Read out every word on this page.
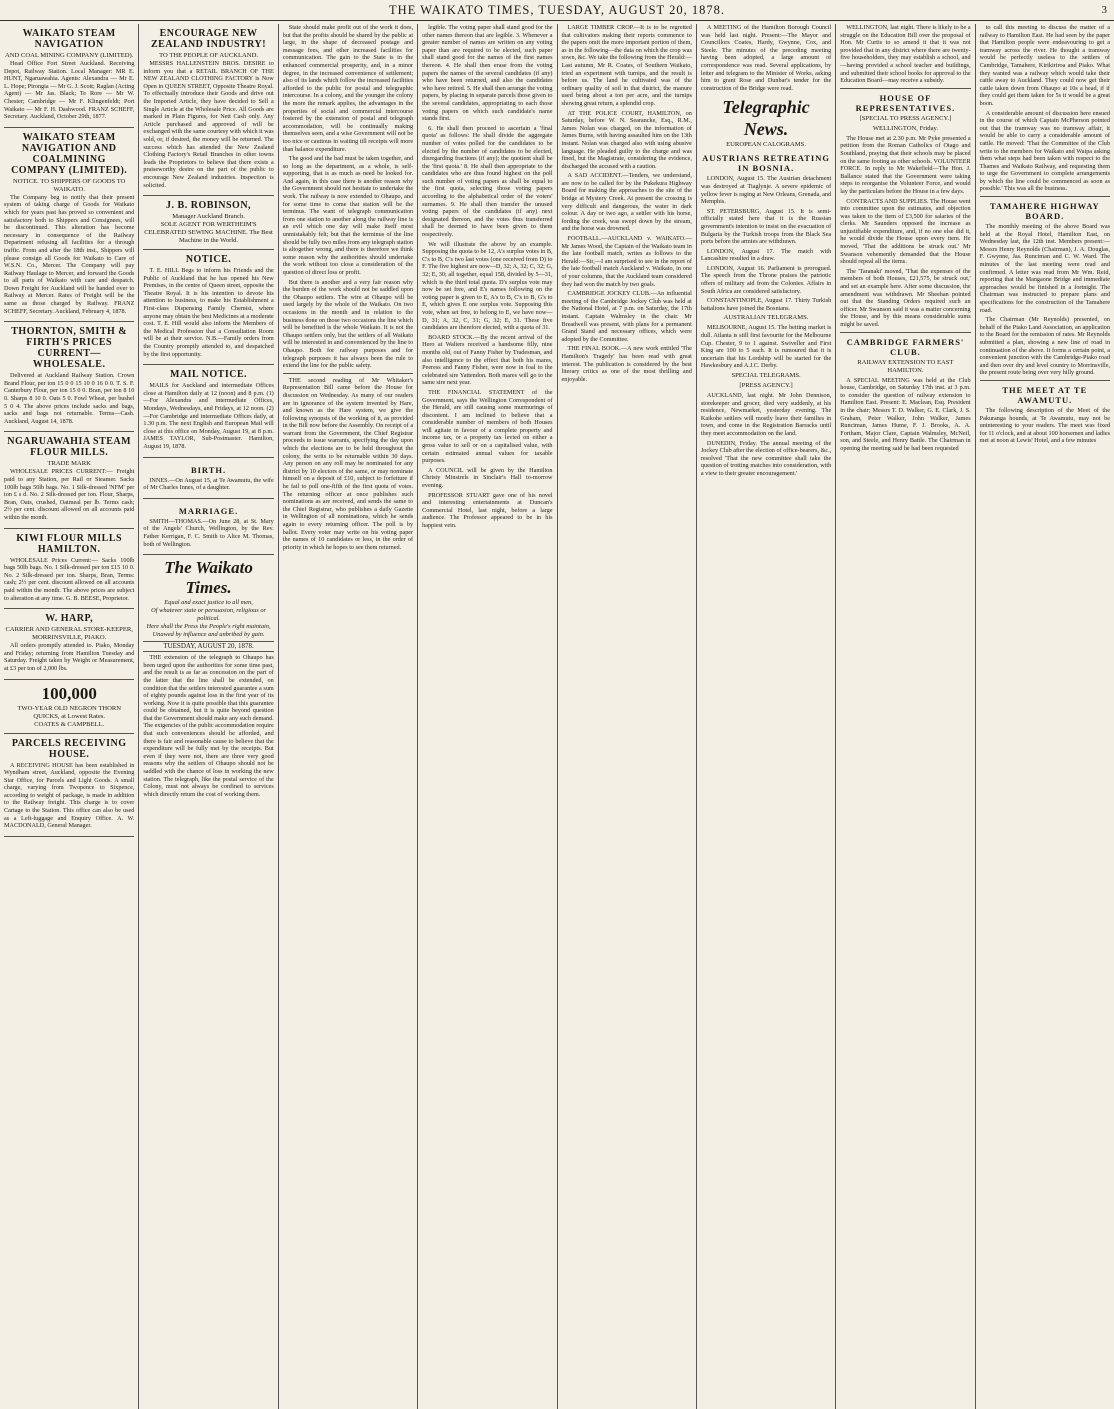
THE WAIKATO TIMES, TUESDAY, AUGUST 20, 1878.	3
WAIKATO STEAM NAVIGATION
AND COAL MINING COMPANY (LIMITED).
Head Office Fort Street Auckland. Receiving Depot, Railway Station. Local Manager: MR E. HUNT, Ngaruawahia. Agents: Alexandra — Mr E. L. Hope; Pirongia — Mr G. J. Scott; Raglan (Acting Agent) — Mr Jas. Black; Te Rore — Mr W. Chester; Cambridge — Mr F. Klingenfeldt; Port Waikato — Mr F. H. Dashwood. FRANZ SCHEFF, Secretary. Auckland, October 29th, 1877.
WAIKATO STEAM NAVIGATION AND COALMINING COMPANY (LIMITED).
NOTICE. TO SHIPPERS OF GOODS TO WAIKATO.
The Company beg to notify that their present system of taking charge of Goods for Waikato which for years past has proved so convenient and satisfactory both to Shippers and Consignees, will be discontinued. This alteration has become necessary in consequence of the Railway Department refusing all facilities for a through traffic. From and after the 18th inst., Shippers will please consign all Goods for Waikato to Care of W.S.N. Co., Mercer. The Company will pay Railway Haulage to Mercer, and forward the Goods to all parts of Waikato with care and despatch. Down Freight for Auckland will be handed over to Railway at Mercer. Rates of Freight will be the same as those charged by Railway. FRANZ SCHEFF, Secretary. Auckland, February 4, 1878.
THORNTON, SMITH & FIRTH'S PRICES CURRENT—WHOLESALE.
Delivered at Auckland Railway Station. Crown Brand Flour, per ton 15 0 0 15 10 0 16 0 0. T. S. F. Canterbury Flour, per ton 15 0 0. Bran, per ton 8 10 0. Sharps 8 10 0. Oats 5 0. Fowl Wheat, per bushel 5 0 4. The above prices include sacks and bags, sacks and bags not returnable. Terms—Cash. Auckland, August 14, 1878.
NGARUAWAHIA STEAM FLOUR MILLS.
TRADE MARK
WHOLESALE PRICES CURRENT:— Freight paid to any Station, per Rail or Steamer. Sacks 100lb bags 50lb bags. No. 1 Silk-dressed 'NFM' per ton £ s d. No. 2 Silk-dressed per ton. Flour, Sharps, Bran, Oats, crushed, Oatmeal per lb. Terms cash; 2½ per cent. discount allowed on all accounts paid within the month.
KIWI FLOUR MILLS HAMILTON.
WHOLESALE Prices Current:— Sacks 100lb bags 50lb bags. No. 1 Silk-dressed per ton £15 10 0. No. 2 Silk-dressed per ton. Sharps, Bran, Terms: cash; 2½ per cent. discount allowed on all accounts paid within the month. The above prices are subject to alteration at any time. G. B. BEESE, Proprietor.
W. HARP,
CARRIER AND GENERAL STORE-KEEPER, MORRINSVILLE, PIAKO.
All orders promptly attended to. Piako, Monday and Friday; returning from Hamilton Tuesday and Saturday. Freight taken by Weight or Measurement, at £3 per ton of 2,000 lbs.
100,000
TWO-YEAR OLD NEGRON THORN QUICKS, at Lowest Rates.
COATES & CAMPBELL.
PARCELS RECEIVING HOUSE.
A RECEIVING HOUSE has been established in Wyndham street, Auckland, opposite the Evening Star Office, for Parcels and Light Goods. A small charge, varying from Twopence to Sixpence, according to weight of package, is made in addition to the Railway freight. This charge is to cover Cartage to the Station. This office can also be used as a Left-luggage and Enquiry Office. A. W. MACDONALD, General Manager.
ENCOURAGE NEW ZEALAND INDUSTRY!
TO THE PEOPLE OF AUCKLAND.
MESSRS HALLENSTEIN BROS. DESIRE to inform you that a RETAIL BRANCH OF THE NEW ZEALAND CLOTHING FACTORY is Now Open in QUEEN STREET, Opposite Theatre Royal. To effectually introduce their Goods and drive out the Imported Article, they have decided to Sell a Single Article at the Wholesale Price. All Goods are marked in Plain Figures, for Nett Cash only. Any Article purchased and approved of will be exchanged with the same courtesy with which it was sold, or, if desired, the money will be returned. The success which has attended the New Zealand Clothing Factory's Retail Branches in other towns leads the Proprietors to believe that there exists a praiseworthy desire on the part of the public to encourage New Zealand industries. Inspection is solicited.
J. B. ROBINSON,
Manager Auckland Branch.
SOLE AGENT FOR WERTHEIM'S CELEBRATED SEWING MACHINE. The Best Machine in the World.
NOTICE.
T. E. HILL Begs to inform his Friends and the Public of Auckland that he has opened his New Premises, in the centre of Queen street, opposite the Theatre Royal. It is his intention to devote his attention to business, to make his Establishment a First-class Dispensing Family Chemist, where anyone may obtain the best Medicines at a moderate cost. T. E. Hill would also inform the Members of the Medical Profession that a Consultation Room will be at their service. N.B.—Family orders from the Country promptly attended to, and despatched by the first opportunity.
MAIL NOTICE.
MAILS for Auckland and intermediate Offices close at Hamilton daily at 12 (noon) and 8 p.m. (1)—For Alexandra and intermediate Offices, Mondays, Wednesdays, and Fridays, at 12 noon. (2)—For Cambridge and intermediate Offices daily, at 1.30 p.m. The next English and European Mail will close at this office on Monday, August 19, at 8 p.m. JAMES TAYLOR, Sub-Postmaster. Hamilton, August 19, 1878.
BIRTH.
INNES.—On August 15, at Te Awamutu, the wife of Mr Charles Innes, of a daughter.
MARRIAGE.
SMITH—THOMAS.—On June 28, at St. Mary of the Angels' Church, Wellington, by the Rev. Father Kerrigan, F. C. Smith to Alice M. Thomas, both of Wellington.
The Waikato Times.
Equal and exact justice to all men,
Of whatever state or persuasion, religious or political.
Here shall the Press the People's right maintain, Unawed by influence and unbribed by gain.
TUESDAY, AUGUST 20, 1878.
THE extension of the telegraph to Ohaupo has been urged upon the authorities for some time past, and the result is as far as concession on the part of the latter that the line shall be extended, on condition that the settlers interested guarantee a sum of eighty pounds against loss in the first year of its working. Now it is quite possible that this guarantee could be obtained, but it is quite beyond question that the Government should make any such demand. The exigencies of the public accommodation require that such conveniences should be afforded, and there is fair and reasonable cause to believe that the expenditure will be fully met by the receipts. But even if they were not, there are three very good reasons why the settlers of Ohaupo should not be saddled with the chance of loss in working the new station. The telegraph, like the postal service of the Colony, must not always be confined to services which directly return the cost of working them.
State should make profit out of the work it does, but that the profits should be shared by the public at large, in the shape of decreased postage and message fees, and other increased facilities for communication. The gain to the State is in the enhanced commercial prosperity, and, in a minor degree, in the increased convenience of settlement; also of its lands which follow the increased facilities afforded to the public for postal and telegraphic intercourse. In a colony, and the younger the colony the more the remark applies, the advantages in the properties of social and commercial intercourse fostered by the extension of postal and telegraph accommodation, will be continually making themselves seen, and a wise Government will not be too nice or cautious in waiting till receipts will more than balance expenditure.
The good and the bad must be taken together, and so long as the department, as a whole, is self-supporting, that is as much as need be looked for. And again, in this case there is another reason why the Government should not hesitate to undertake the work. The railway is now extended to Ohaupo, and for some time to come that station will be the terminus. The want of telegraph communication from one station to another along the railway line is an evil which one day will make itself most unmistakably felt; but that the terminus of the line should be fully two miles from any telegraph station is altogether wrong, and there is therefore we think some reason why the authorities should undertake the work without too close a consideration of the question of direct loss or profit.
But there is another and a very fair reason why the burden of the work should not be saddled upon the Ohaupo settlers. The wire at Ohaupo will be used largely by the whole of the Waikato. On two occasions in the month and in relation to the business done on those two occasions the line which will be benefited is the whole Waikato. It is not the Ohaupo settlers only, but the settlers of all Waikato will be interested in and convenienced by the line to Ohaupo. Both for railway purposes and for telegraph purposes it has always been the rule to extend the line for the public safety.
THE second reading of Mr Whitaker's Representation Bill came before the House for discussion on Wednesday. As many of our readers are in ignorance of the system invented by Hare, and known as the Hare system, we give the following synopsis of the working of it, as provided in the Bill now before the Assembly. On receipt of a warrant from the Government, the Chief Registrar proceeds to issue warrants, specifying the day upon which the elections are to be held throughout the colony, the writs to be returnable within 30 days. Any person on any roll may be nominated for any district by 10 electors of the same, or may nominate himself on a deposit of £10, subject to forfeiture if he fail to poll one-fifth of the first quota of votes. The returning officer at once publishes such nominations as are received, and sends the same to the Chief Registrar, who publishes a daily Gazette in Wellington of all nominations, which he sends again to every returning officer. The poll is by ballot. Every voter may write on his voting paper the names of 10 candidates or less, in the order of priority in which he hopes to see them returned.
legible. The voting paper shall stand good for the other names thereon that are legible. 3. Whenever a greater number of names are written on any voting paper than are required to be elected, such paper shall stand good for the names of the first names thereon. 4. He shall then erase from the voting papers the names of the several candidates (if any) who have been returned, and also the candidates who have retired. 5. He shall then arrange the voting papers, by placing in separate parcels those given to the several candidates, appropriating to each those voting papers on which such candidate's name stands first.
6. He shall then proceed to ascertain a 'final quota' as follows: He shall divide the aggregate number of votes polled for the candidates to be elected by the number of candidates to be elected, disregarding fractions (if any); the quotient shall be the 'first quota.' 8. He shall then appropriate to the candidates who are thus found highest on the poll such number of voting papers as shall be equal to the first quota, selecting those voting papers according to the alphabetical order of the voters' surnames. 9. He shall then transfer the unused voting papers of the candidates (if any) next designated thereon, and the votes thus transferred shall be deemed to have been given to them respectively.
We will illustrate the above by an example. Supposing the quota to be 12, A's surplus votes in B, C's to B, C's two last votes (one received from D) to F. The five highest are now—D, 32; A, 32; C, 32; G, 32; E, 30; all together, equal 158, divided by 5—31, which is the third total quota. D's surplus vote may now be set free, and E's names following on the voting paper is given to E, A's to B, C's to B, G's to E, which gives E one surplus vote. Supposing this vote, when set free, to belong to E, we have now—D, 31; A, 32, C, 31; G, 32; E, 31. These five candidates are therefore elected, with a quota of 31.
BOARD STOCK.—By the recent arrival of the Hero at Walters received a handsome filly, nine months old, out of Fanny Fisher by Tradesman, and also intelligence to the effect that both his mares, Peeress and Fanny Fisher, were now in foal to the celebrated sire Yattendon. Both mares will go to the same sire next year.
THE FINANCIAL STATEMENT of the Government, says the Wellington Correspondent of the Herald, are still causing some murmurings of discontent. I am inclined to believe that a considerable number of members of both Houses will agitate in favour of a complete property and income tax, or a property tax levied on either a gross value to sell or on a capitalised value, with certain estimated annual values for taxable purposes.
A COUNCIL will be given by the Hamilton Christy Minstrels in Sinclair's Hall to-morrow evening.
PROFESSOR STUART gave one of his novel and interesting entertainments at Duncan's Commercial Hotel, last night, before a large audience. The Professor appeared to be in his happiest vein.
LARGE TIMBER CROP.—It is to be regretted that cultivators making their reports commence to the papers omit the more important portion of them, as in the following—the data on which the crop was sown, &c. We take the following from the Herald:—Last autumn, Mr R. Coates, of Southern Waikato, tried an experiment with turnips, and the result is before us. The land he cultivated was of the ordinary quality of soil in that district, the manure used being about a ton per acre, and the turnips showing great return, a splendid crop.
AT THE POLICE COURT, HAMILTON, on Saturday, before W. N. Searancke, Esq., R.M., James Nolan was charged, on the information of James Burns, with having assaulted him on the 13th instant. Nolan was charged also with using abusive language. He pleaded guilty to the charge and was fined, but the Magistrate, considering the evidence, discharged the accused with a caution.
A SAD ACCIDENT.—Tenders, we understand, are now to be called for by the Pukekura Highway Board for making the approaches to the site of the bridge at Mystery Creek. At present the crossing is very difficult and dangerous, the water in dark colour. A day or two ago, a settler with his horse, fording the creek, was swept down by the stream, and the horse was drowned.
FOOTBALL.—AUCKLAND v. WAIKATO.—Mr James Wood, the Captain of the Waikato team in the late football match, writes as follows to the Herald:—Sir,—I am surprised to see in the report of the late football match Auckland v. Waikato, in one of your columns, that the Auckland team considered they had won the match by two goals.
CAMBRIDGE JOCKEY CLUB.—An influential meeting of the Cambridge Jockey Club was held at the National Hotel, at 7 p.m. on Saturday, the 17th instant. Captain Walmsley in the chair. Mr Breadwell was present, with plans for a permanent Grand Stand and necessary offices, which were adopted by the Committee.
THE FINAL BOOK.—A new work entitled 'The Hamilton's Tragedy' has been read with great interest. The publication is considered by the best literary critics as one of the most thrilling and enjoyable.
A MEETING of the Hamilton Borough Council was held last night. Present:—The Mayor and Councillors Coates, Hardy, Gwynne, Cox, and Steele. The minutes of the preceding meeting having been adopted, a large amount of correspondence was read. Several applications, by letter and telegram to the Minister of Works, asking him to grant Rose and Dunbar's tender for the construction of the Bridge were read.
Telegraphic News.
EUROPEAN CALOGRAMS.
AUSTRIANS RETREATING IN BOSNIA.
LONDON, August 15. The Austrian detachment was destroyed at Tiaglynje. A severe epidemic of yellow fever is raging at New Orleans, Grenada, and Memphis.
ST. PETERSBURG, August 15. It is semi-officially stated here that it is the Russian government's intention to insist on the evacuation of Bulgaria by the Turkish troops from the Black Sea ports before the armies are withdrawn.
LONDON, August 17. The match with Lancashire resulted in a draw.
LONDON, August 16. Parliament is prorogued. The speech from the Throne praises the patriotic offers of military aid from the Colonies. Affairs in South Africa are considered satisfactory.
CONSTANTINOPLE, August 17. Thirty Turkish battalions have joined the Bosnians.
AUSTRALIAN TELEGRAMS.
MELBOURNE, August 15. The betting market is dull. Atlanta is still first favourite for the Melbourne Cup. Chester, 9 to 1 against. Swiveller and First King are 100 to 5 each. It is rumoured that it is uncertain that his Lordship will be started for the Hawkesbury and A.J.C. Derby.
SPECIAL TELEGRAMS.
[PRESS AGENCY.]
AUCKLAND, last night. Mr John Dennison, storekeeper and grocer, died very suddenly, at his residence, Newmarket, yesterday evening. The Kaikohe settlers will mostly leave their families in town, and come in the Registration Barracks until they meet accommodation on the land.
DUNEDIN, Friday. The annual meeting of the Jockey Club after the election of office-bearers, &c., resolved 'That the new committee shall take the question of trotting matches into consideration, with a view to their greater encouragement.'
WELLINGTON, last night. There is likely to be a struggle on the Education Bill over the proposal of Hon. Mr Curtis to so amend it that it was not provided that in any district where there are twenty-five householders, they may establish a school, and—having provided a school teacher and buildings, and submitted their school books for approval to the Education Board—may receive a subsidy.
HOUSE OF REPRESENTATIVES.
[SPECIAL TO PRESS AGENCY.]
WELLINGTON, Friday.
The House met at 2.30 p.m. Mr Pyke presented a petition from the Roman Catholics of Otago and Southland, praying that their schools may be placed on the same footing as other schools. VOLUNTEER FORCE. In reply to Mr Wakefield—The Hon. J. Ballance stated that the Government were taking steps to reorganise the Volunteer Force, and would lay the particulars before the House in a few days.
CONTRACTS AND SUPPLIES. The House went into committee upon the estimates, and objection was taken to the item of £3,500 for salaries of the clerks. Mr Saunders opposed the increase as unjustifiable expenditure, and, if no one else did it, he would divide the House upon every item. He moved, 'That the additions be struck out.' Mr Swanson vehemently demanded that the House should repeal all the items.
The 'Taranaki' moved, 'That the expenses of the members of both Houses, £21,575, be struck out,' and set an example here. After some discussion, the amendment was withdrawn. Mr Sheehan pointed out that the Standing Orders required such an officer. Mr Swanson said it was a matter concerning the House, and by this means considerable sums might be saved.
CAMBRIDGE FARMERS' CLUB.
RAILWAY EXTENSION TO EAST HAMILTON.
A SPECIAL MEETING was held at the Club house, Cambridge, on Saturday 17th inst. at 3 p.m. to consider the question of railway extension to Hamilton East. Present: E. Maclean, Esq. President in the chair; Messrs T. D. Walker, G. E. Clark, J. S. Graham, Peter Walker, John Walker, James Runciman, James Hume, F. J. Brooks, A. A. Fortham, Major Clare, Captain Walmsley, McNeil, son, and Steele, and Henry Battle. The Chairman in opening the meeting said he had been requested
to call this meeting to discuss the matter of a railway to Hamilton East. He had seen by the paper that Hamilton people were endeavouring to get a tramway across the river. He thought a tramway would be perfectly useless to the settlers of Cambridge, Tamahere, Kirikiriroa and Piako. What they wanted was a railway which would take their cattle away to Auckland. They could now get their cattle taken down from Ohaupo at 10s a head, if if they could get them taken for 5s it would be a great boon.
A considerable amount of discussion here ensued in the course of which Captain McPherson pointed out that the tramway was no tramway affair, it would be able to carry a considerable amount of cattle. He moved: 'That the Committee of the Club write to the members for Waikato and Waipa asking them what steps had been taken with respect to the Thames and Waikato Railway, and requesting them to urge the Government to complete arrangements by which the line could be commenced as soon as possible.' This was all the business.
TAMAHERE HIGHWAY BOARD.
The monthly meeting of the above Board was held at the Royal Hotel, Hamilton East, on Wednesday last, the 12th inst. Members present:—Messrs Henry Reynolds (Chairman), J. A. Douglas, F. Gwynne, Jas. Runciman and C. W. Ward. The minutes of the last meeting were read and confirmed. A letter was read from Mr Wm. Reid, reporting that the Mangaone Bridge and immediate approaches would be finished in a fortnight. The Chairman was instructed to prepare plans and specifications for the construction of the Tamahere road.
The Chairman (Mr Reynolds) presented, on behalf of the Piako Land Association, an application to the Board for the remission of rates. Mr Reynolds submitted a plan, showing a new line of road in continuation of the above. It forms a certain point, a convenient junction with the Cambridge-Piako road and then over dry and level country to Morrinsville, the present route being over very hilly ground.
THE MEET AT TE AWAMUTU.
The following description of the Meet of the Pakuranga hounds, at Te Awamutu, may not be uninteresting to your readers. The meet was fixed for 11 o'clock, and at about 100 horsemen and ladies met at noon at Lewis' Hotel, and a few minutes
